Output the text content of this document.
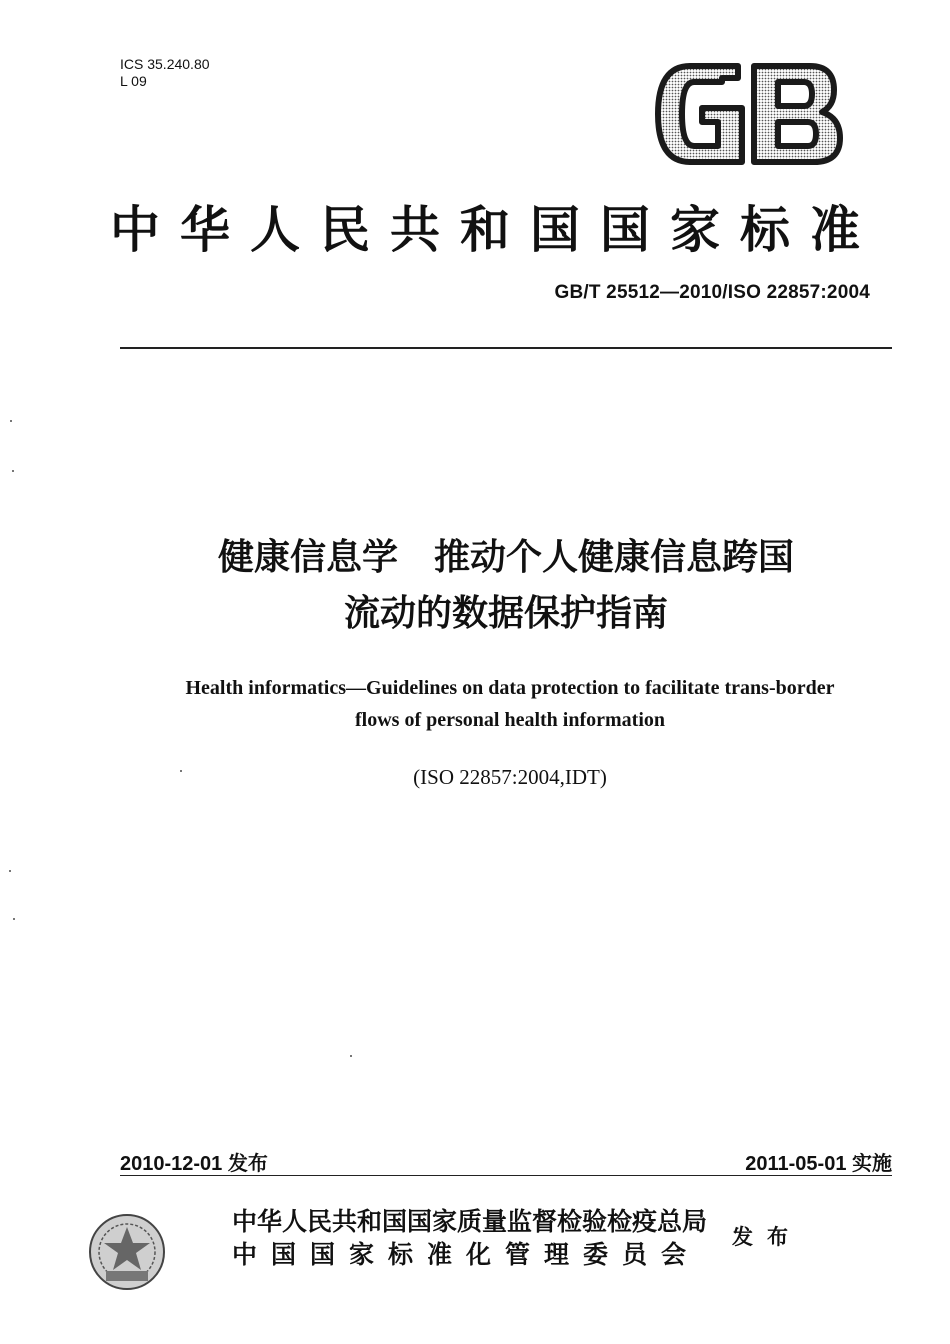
ICS 35.240.80
L 09
中华人民共和国国家标准
GB/T 25512—2010/ISO 22857:2004
健康信息学　推动个人健康信息跨国
流动的数据保护指南
Health informatics—Guidelines on data protection to facilitate trans-border
flows of personal health information
(ISO 22857:2004,IDT)
2010-12-01 发布	2011-05-01 实施
中华人民共和国国家质量监督检验检疫总局
中国国家标准化管理委员会
发布
